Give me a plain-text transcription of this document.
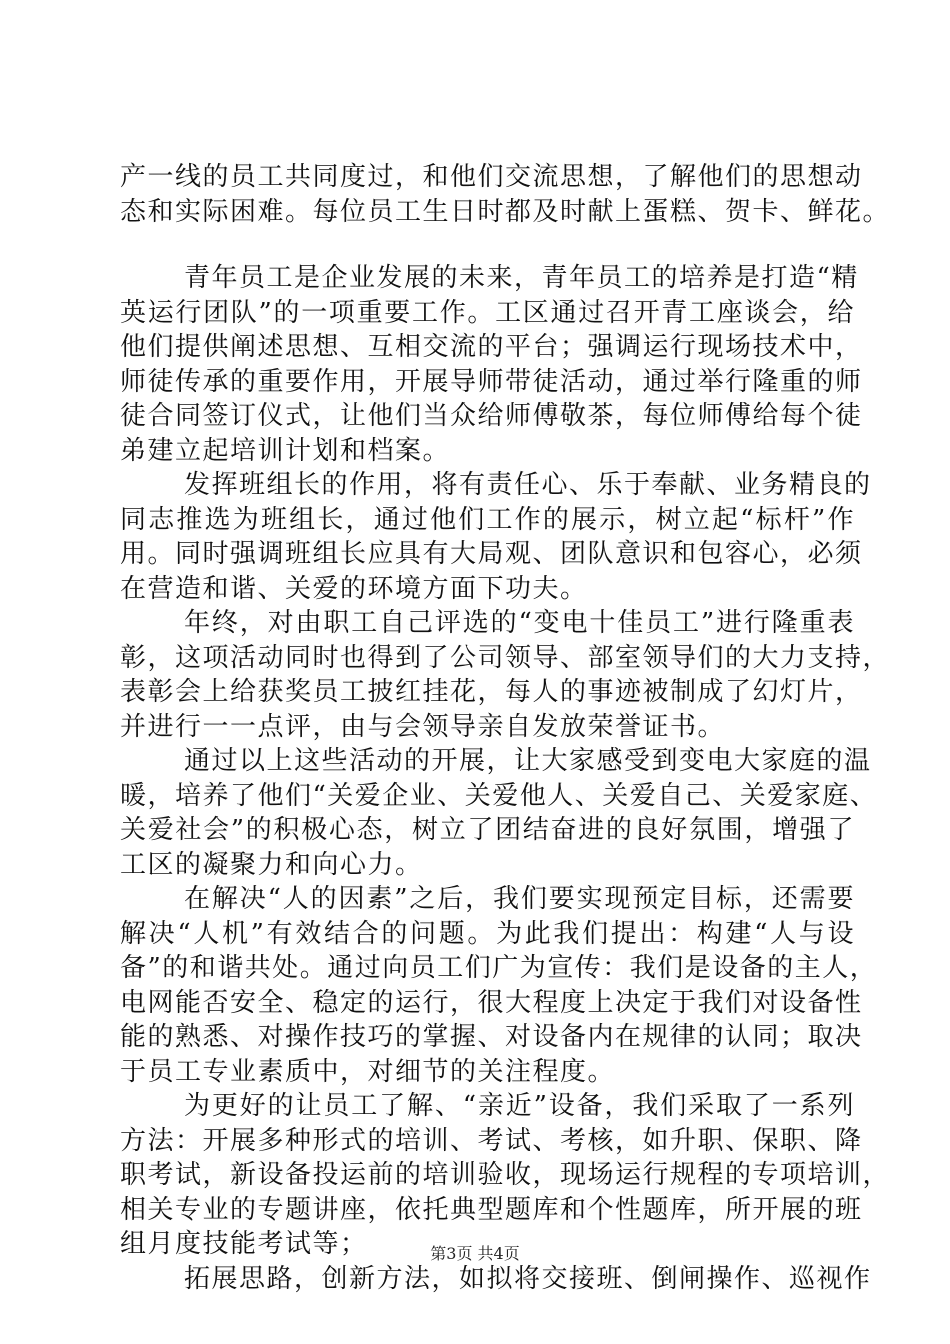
产一线的员工共同度过，和他们交流思想，了解他们的思想动
态和实际困难。每位员工生日时都及时献上蛋糕、贺卡、鲜花。
青年员工是企业发展的未来，青年员工的培养是打造“精
英运行团队”的一项重要工作。工区通过召开青工座谈会，给
他们提供阐述思想、互相交流的平台；强调运行现场技术中，
师徒传承的重要作用，开展导师带徒活动，通过举行隆重的师
徒合同签订仪式，让他们当众给师傅敬茶，每位师傅给每个徒
弟建立起培训计划和档案。
发挥班组长的作用，将有责任心、乐于奉献、业务精良的
同志推选为班组长，通过他们工作的展示，树立起“标杆”作
用。同时强调班组长应具有大局观、团队意识和包容心，必须
在营造和谐、关爱的环境方面下功夫。
年终，对由职工自己评选的“变电十佳员工”进行隆重表
彰，这项活动同时也得到了公司领导、部室领导们的大力支持，
表彰会上给获奖员工披红挂花，每人的事迹被制成了幻灯片，
并进行一一点评，由与会领导亲自发放荣誉证书。
通过以上这些活动的开展，让大家感受到变电大家庭的温
暖，培养了他们“关爱企业、关爱他人、关爱自己、关爱家庭、
关爱社会”的积极心态，树立了团结奋进的良好氛围，增强了
工区的凝聚力和向心力。
在解决“人的因素”之后，我们要实现预定目标，还需要
解决“人机”有效结合的问题。为此我们提出：构建“人与设
备”的和谐共处。通过向员工们广为宣传：我们是设备的主人，
电网能否安全、稳定的运行，很大程度上决定于我们对设备性
能的熟悉、对操作技巧的掌握、对设备内在规律的认同；取决
于员工专业素质中，对细节的关注程度。
为更好的让员工了解、“亲近”设备，我们采取了一系列
方法：开展多种形式的培训、考试、考核，如升职、保职、降
职考试，新设备投运前的培训验收，现场运行规程的专项培训，
相关专业的专题讲座，依托典型题库和个性题库，所开展的班
组月度技能考试等；
拓展思路，创新方法，如拟将交接班、倒闸操作、巡视作
第3页 共4页
